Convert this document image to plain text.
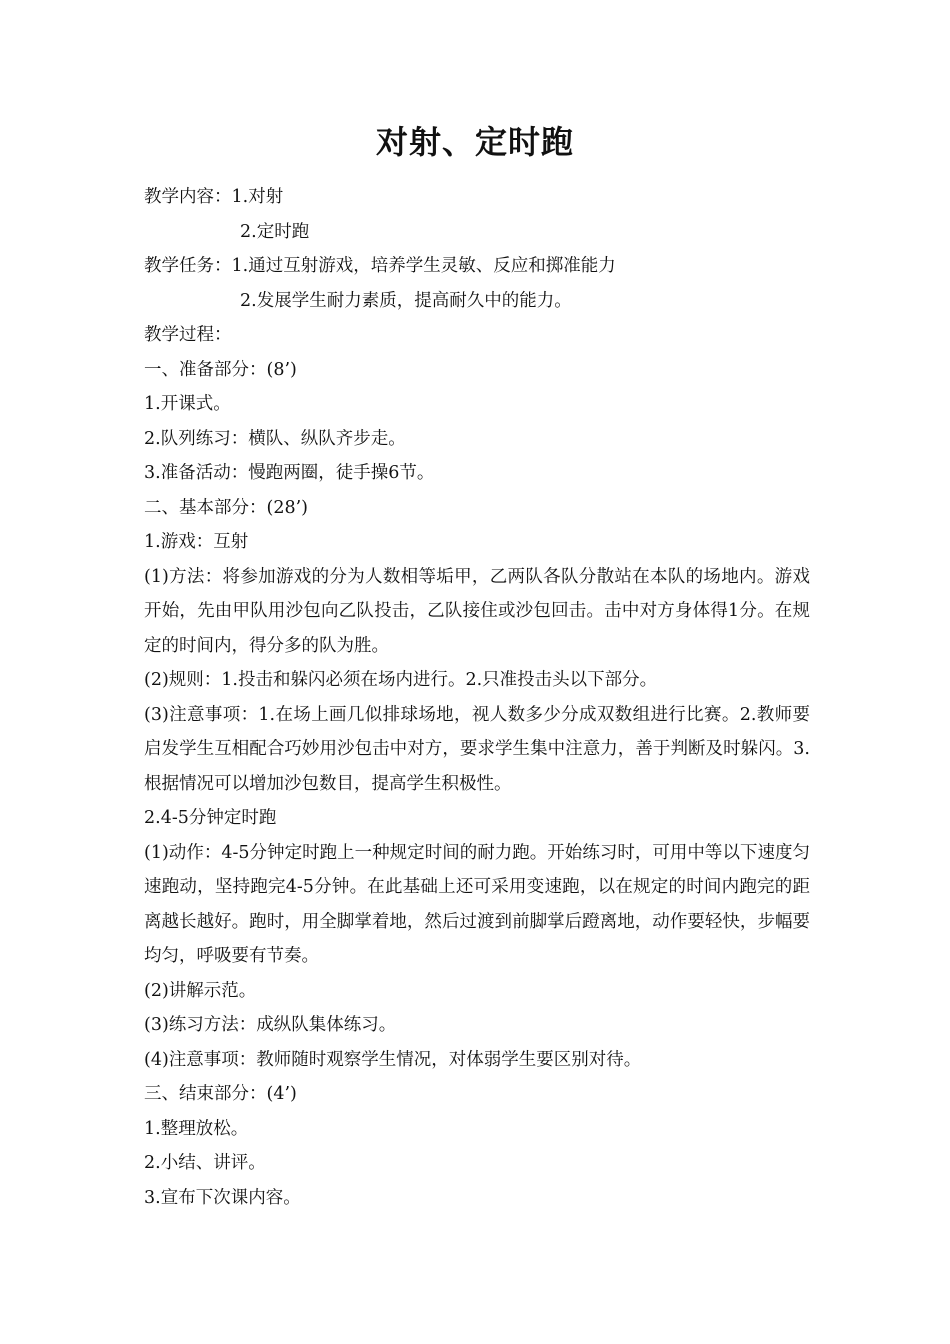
对射、定时跑
教学内容： 1.对射
2.定时跑
教学任务： 1.通过互射游戏，培养学生灵敏、反应和掷准能力
2.发展学生耐力素质，提高耐久中的能力。
教学过程：
一、准备部分：(8’)
1.开课式。
2.队列练习：横队、纵队齐步走。
3.准备活动：慢跑两圈，徒手操6节。
二、基本部分：(28’)
1.游戏：互射
(1)方法：将参加游戏的分为人数相等垢甲，乙两队各队分散站在本队的场地内。游戏开始，先由甲队用沙包向乙队投击，乙队接住或沙包回击。击中对方身体得1分。在规定的时间内，得分多的队为胜。
(2)规则：1.投击和躲闪必须在场内进行。2.只准投击头以下部分。
(3)注意事项：1.在场上画几似排球场地，视人数多少分成双数组进行比赛。2.教师要启发学生互相配合巧妙用沙包击中对方，要求学生集中注意力，善于判断及时躲闪。3.根据情况可以增加沙包数目，提高学生积极性。
2.4-5分钟定时跑
(1)动作：4-5分钟定时跑上一种规定时间的耐力跑。开始练习时，可用中等以下速度匀速跑动，坚持跑完4-5分钟。在此基础上还可采用变速跑，以在规定的时间内跑完的距离越长越好。跑时，用全脚掌着地，然后过渡到前脚掌后蹬离地，动作要轻快，步幅要均匀，呼吸要有节奏。
(2)讲解示范。
(3)练习方法：成纵队集体练习。
(4)注意事项：教师随时观察学生情况，对体弱学生要区别对待。
三、结束部分：(4’)
1.整理放松。
2.小结、讲评。
3.宣布下次课内容。
